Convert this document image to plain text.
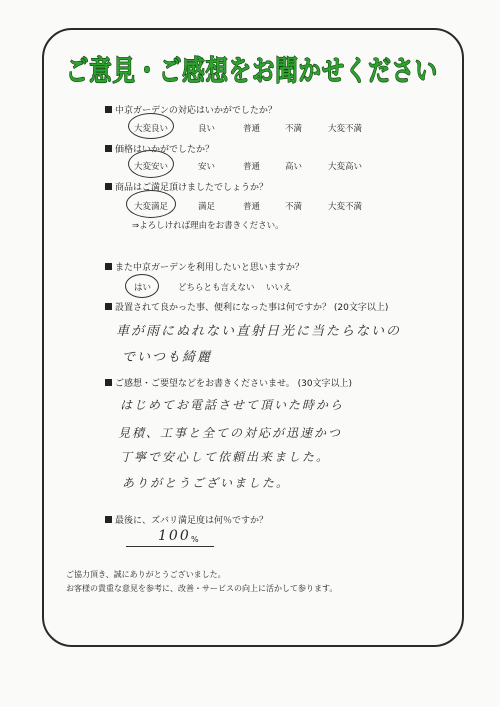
ご意見・ご感想をお聞かせください
中京ガーデンの対応はいかがでしたか？
大変良い	良い	普通	不満	大変不満
価格はいかがでしたか？
大変安い	安い	普通	高い	大変高い
商品はご満足頂けましたでしょうか？
大変満足	満足	普通	不満	大変不満
⇒よろしければ理由をお書きください。
また中京ガーデンを利用したいと思いますか？
はい	どちらとも言えない いいえ
設置されて良かった事、便利になった事は何ですか？ (20文字以上)
車が雨にぬれない直射日光に当たらないの
でいつも綺麗
ご感想・ご要望などをお書きくださいませ。 (30文字以上)
はじめてお電話させて頂いた時から
見積、工事と全ての対応が迅速かつ
丁寧で安心して依頼出来ました。
ありがとうございました。
最後に、ズバリ満足度は何％ですか？
100 %
ご協力頂き、誠にありがとうございました。
お客様の貴重な意見を参考に、改善・サービスの向上に活かして参ります。
